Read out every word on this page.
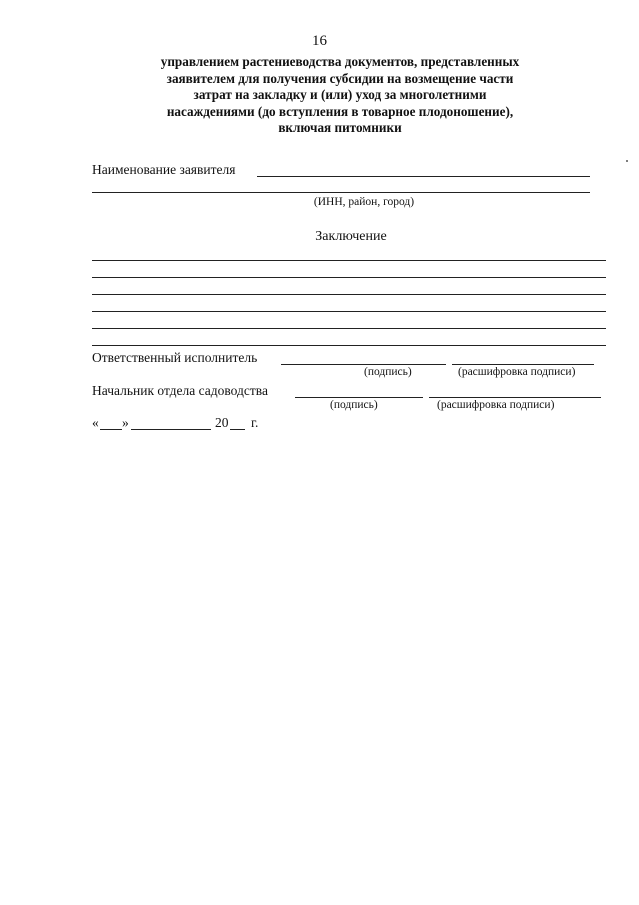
16
управлением растениеводства документов, представленных
заявителем для получения субсидии на возмещение части
затрат на закладку и (или) уход за многолетними
насаждениями (до вступления в товарное плодоношение),
включая питомники
Наименование заявителя
(ИНН, район, город)
Заключение
Ответственный исполнитель
(подпись)	(расшифровка подписи)
Начальник отдела садоводства
(подпись)	(расшифровка подписи)
« »	20 г.
